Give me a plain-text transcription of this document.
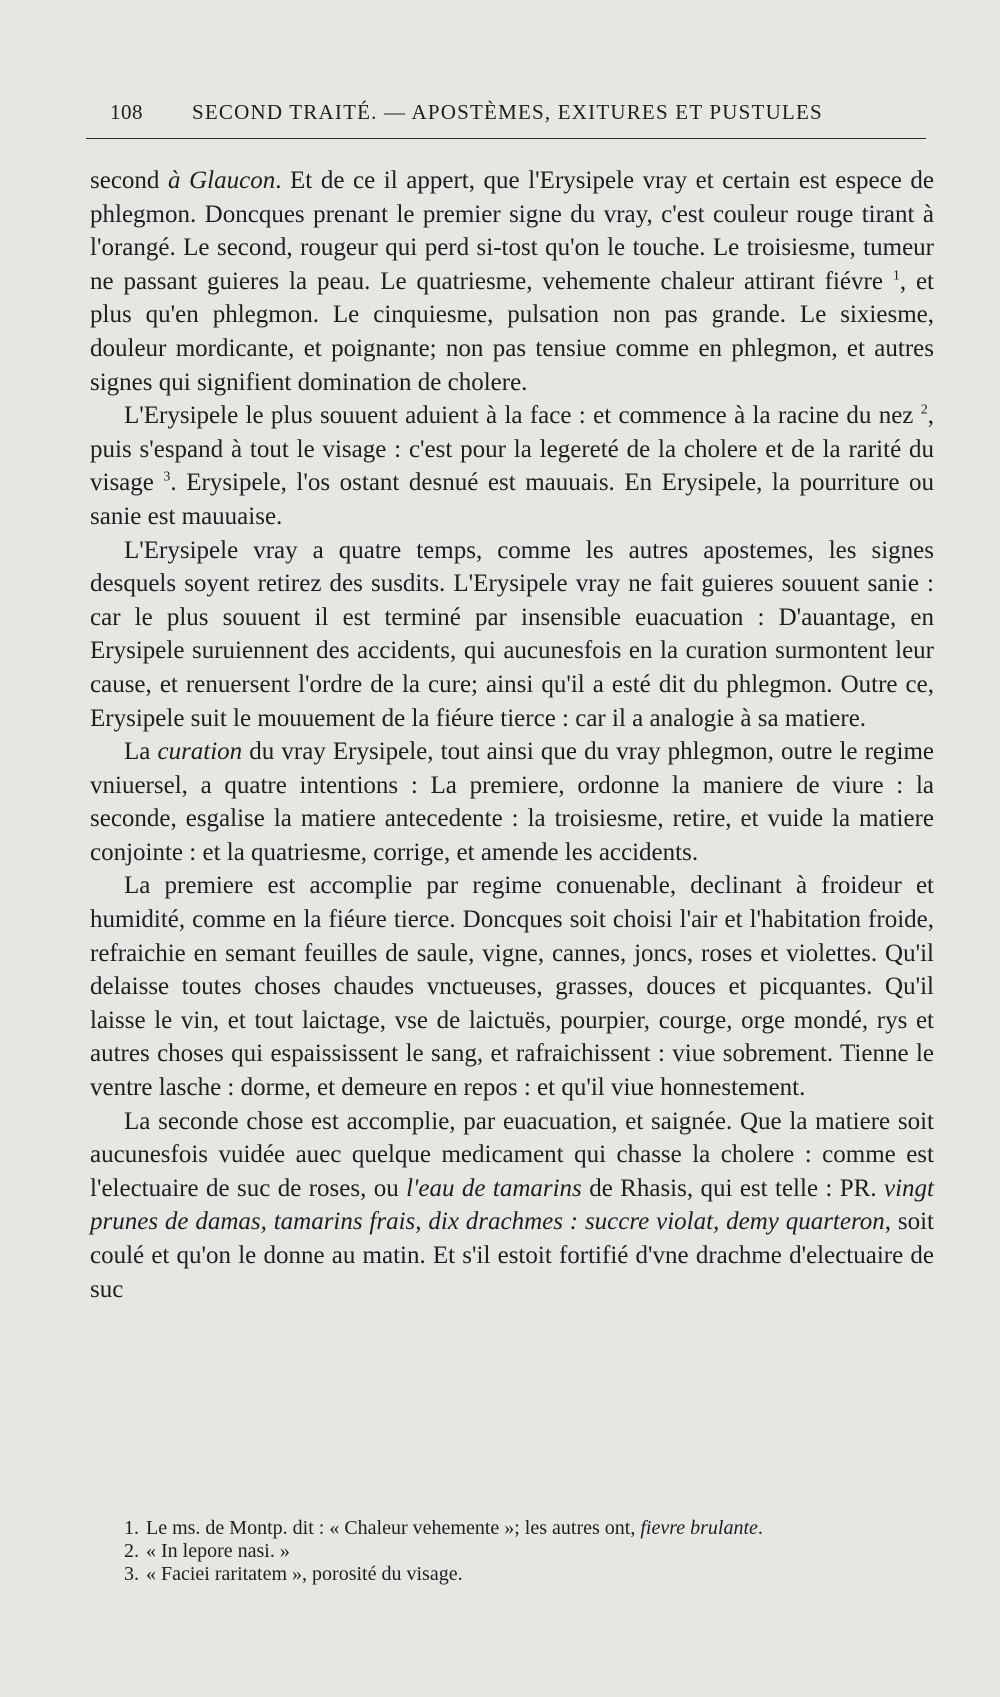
108 SECOND TRAITÉ. — APOSTÈMES, EXITURES ET PUSTULES

second à Glaucon. Et de ce il appert, que l'Erysipele vray et certain est espece de phlegmon. Doncques prenant le premier signe du vray, c'est couleur rouge tirant à l'orangé. Le second, rougeur qui perd si-tost qu'on le touche. Le troisiesme, tumeur ne passant guieres la peau. Le quatriesme, vehemente chaleur attirant fiévre $^1$, et plus qu'en phlegmon. Le cinquiesme, pulsation non pas grande. Le sixiesme, douleur mordicante, et poignante; non pas tensiue comme en phlegmon, et autres signes qui signifient domination de cholere.

L'Erysipele le plus souuent aduient à la face : et commence à la racine du nez $^2$, puis s'espand à tout le visage : c'est pour la legereté de la cholere et de la rarité du visage $^3$. Erysipele, l'os ostant desnué est mauuais. En Erysipele, la pourriture ou sanie est mauuaise.

L'Erysipele vray a quatre temps, comme les autres apostemes, les signes desquels soyent retirez des susdits. L'Erysipele vray ne fait guieres souuent sanie : car le plus souuent il est terminé par insensible euacuation : D'auantage, en Erysipele suruiennent des accidents, qui aucunesfois en la curation surmontent leur cause, et renuersent l'ordre de la cure; ainsi qu'il a esté dit du phlegmon. Outre ce, Erysipele suit le mouuement de la fiéure tierce : car il a analogie à sa matiere.

La curation du vray Erysipele, tout ainsi que du vray phlegmon, outre le regime vniuersel, a quatre intentions : La premiere, ordonne la maniere de viure : la seconde, esgalise la matiere antecedente : la troisiesme, retire, et vuide la matiere conjointe : et la quatriesme, corrige, et amende les accidents.

La premiere est accomplie par regime conuenable, declinant à froideur et humidité, comme en la fiéure tierce. Doncques soit choisi l'air et l'habitation froide, refraichie en semant feuilles de saule, vigne, cannes, joncs, roses et violettes. Qu'il delaisse toutes choses chaudes vnctueuses, grasses, douces et picquantes. Qu'il laisse le vin, et tout laictage, vse de laictuës, pourpier, courge, orge mondé, rys et autres choses qui espaississent le sang, et rafraichissent : viue sobrement. Tienne le ventre lasche : dorme, et demeure en repos : et qu'il viue honnestement.

La seconde chose est accomplie, par euacuation, et saignée. Que la matiere soit aucunesfois vuidée auec quelque medicament qui chasse la cholere : comme est l'electuaire de suc de roses, ou l'eau de tamarins de Rhasis, qui est telle : PR. vingt prunes de damas, tamarins frais, dix drachmes : succre violat, demy quarteron, soit coulé et qu'on le donne au matin. Et s'il estoit fortifié d'vne drachme d'electuaire de suc

1. Le ms. de Montp. dit : « Chaleur vehemente »; les autres ont, fievre brulante.
2. « In lepore nasi. »
3. « Faciei raritatem », porosité du visage.
